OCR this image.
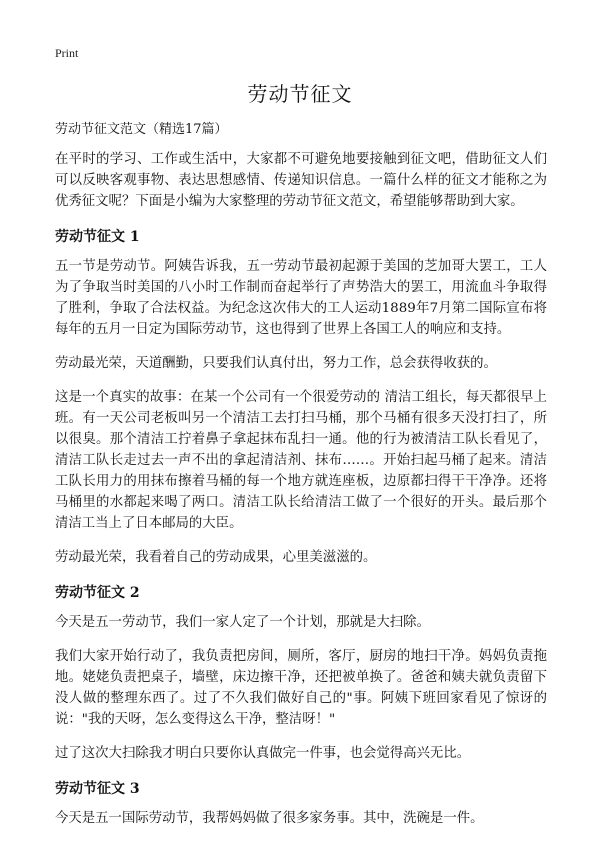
Print
劳动节征文
劳动节征文范文（精选17篇）

在平时的学习、工作或生活中，大家都不可避免地要接触到征文吧，借助征文人们可以反映客观事物、表达思想感情、传递知识信息。一篇什么样的征文才能称之为优秀征文呢？下面是小编为大家整理的劳动节征文范文，希望能够帮助到大家。

劳动节征文 1

五一节是劳动节。阿姨告诉我，五一劳动节最初起源于美国的芝加哥大罢工，工人为了争取当时美国的八小时工作制而奋起举行了声势浩大的罢工，用流血斗争取得了胜利，争取了合法权益。为纪念这次伟大的工人运动1889年7月第二国际宣布将每年的五月一日定为国际劳动节，这也得到了世界上各国工人的响应和支持。

劳动最光荣，天道酬勤，只要我们认真付出，努力工作，总会获得收获的。

这是一个真实的故事：在某一个公司有一个很爱劳动的 清洁工组长，每天都很早上班。有一天公司老板叫另一个清洁工去打扫马桶，那个马桶有很多天没打扫了，所以很臭。那个清洁工拧着鼻子拿起抹布乱扫一通。他的行为被清洁工队长看见了，清洁工队长走过去一声不出的拿起清洁剂、抹布……。开始扫起马桶了起来。清洁工队长用力的用抹布擦着马桶的每一个地方就连座板，边原都扫得干干净净。还将马桶里的水都起来喝了两口。清洁工队长给清洁工做了一个很好的开头。最后那个清洁工当上了日本邮局的大臣。

劳动最光荣，我看着自己的劳动成果，心里美滋滋的。

劳动节征文 2

今天是五一劳动节，我们一家人定了一个计划，那就是大扫除。

我们大家开始行动了，我负责把房间，厕所，客厅，厨房的地扫干净。妈妈负责拖地。姥姥负责把桌子，墙壁，床边擦干净，还把被单换了。爸爸和姨夫就负责留下没人做的整理东西了。过了不久我们做好自己的"事。阿姨下班回家看见了惊讶的说："我的天呀，怎么变得这么干净，整洁呀！"

过了这次大扫除我才明白只要你认真做完一件事，也会觉得高兴无比。

劳动节征文 3

今天是五一国际劳动节，我帮妈妈做了很多家务事。其中，洗碗是一件。
